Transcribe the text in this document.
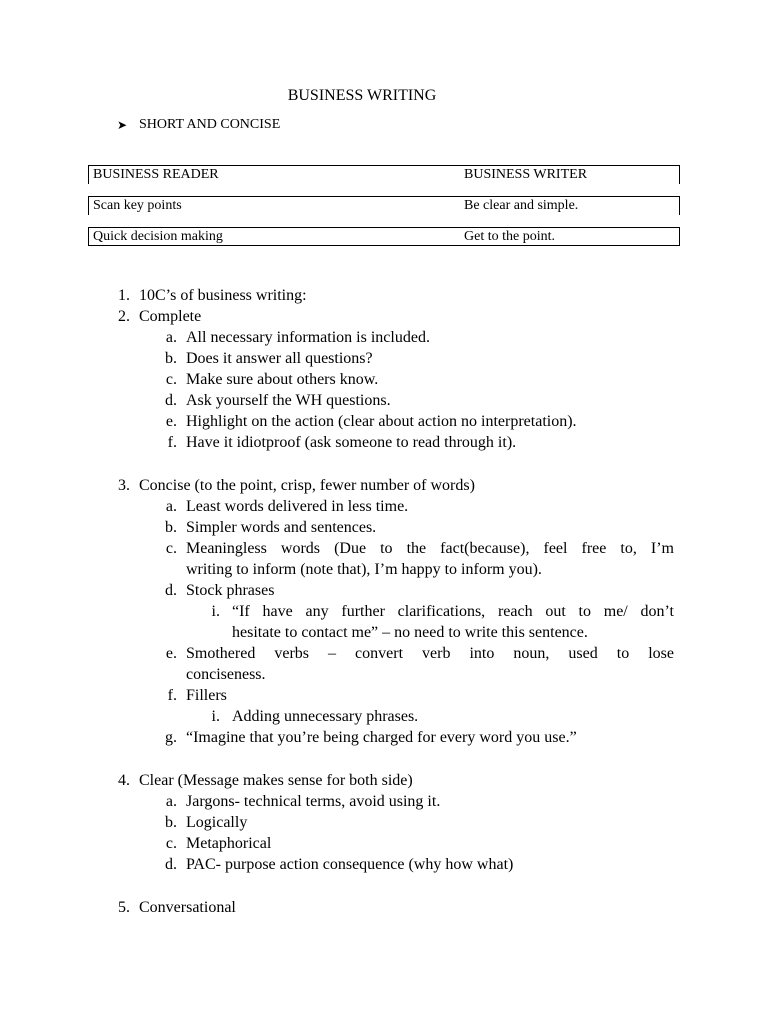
BUSINESS WRITING
➤ SHORT AND CONCISE
BUSINESS READER	BUSINESS WRITER
Scan key points	Be clear and simple.
Quick decision making	Get to the point.
1. 10C’s of business writing:
2. Complete
a. All necessary information is included.
b. Does it answer all questions?
c. Make sure about others know.
d. Ask yourself the WH questions.
e. Highlight on the action (clear about action no interpretation).
f. Have it idiotproof (ask someone to read through it).
3. Concise (to the point, crisp, fewer number of words)
a. Least words delivered in less time.
b. Simpler words and sentences.
c. Meaningless words (Due to the fact(because), feel free to, I’m
writing to inform (note that), I’m happy to inform you).
d. Stock phrases
i. “If have any further clarifications, reach out to me/ don’t
hesitate to contact me” – no need to write this sentence.
e. Smothered verbs – convert verb into noun, used to lose
conciseness.
f. Fillers
i. Adding unnecessary phrases.
g. “Imagine that you’re being charged for every word you use.”
4. Clear (Message makes sense for both side)
a. Jargons- technical terms, avoid using it.
b. Logically
c. Metaphorical
d. PAC- purpose action consequence (why how what)
5. Conversational
